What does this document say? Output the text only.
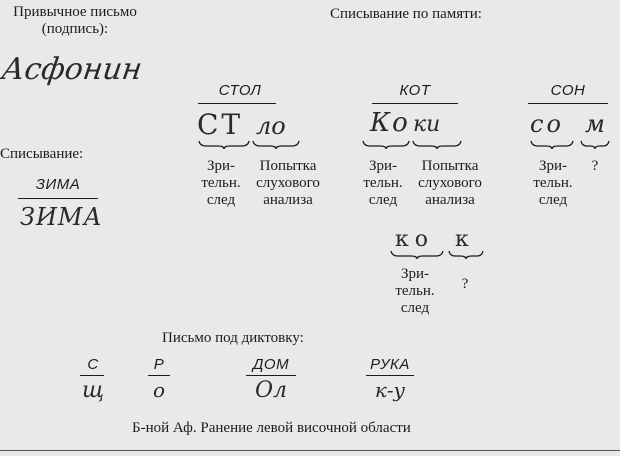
Привычное письмо
(подпись):
Асфонин
Списывание по памяти:
Списывание:
ЗИМА
ЗИМА
СТОЛ
СТ ло
Зри-
тельн.
след
Попытка
слухового
анализа
КОТ
Ко ки
Зри-
тельн.
след
Попытка
слухового
анализа
СОН
со м
Зри-
тельн.
след
?
ко к
Зри-
тельн.
след
?
Письмо под диктовку:
С
щ
Р
о
ДОМ
Ол
РУКА
к-у
Б-ной Аф. Ранение левой височной области
